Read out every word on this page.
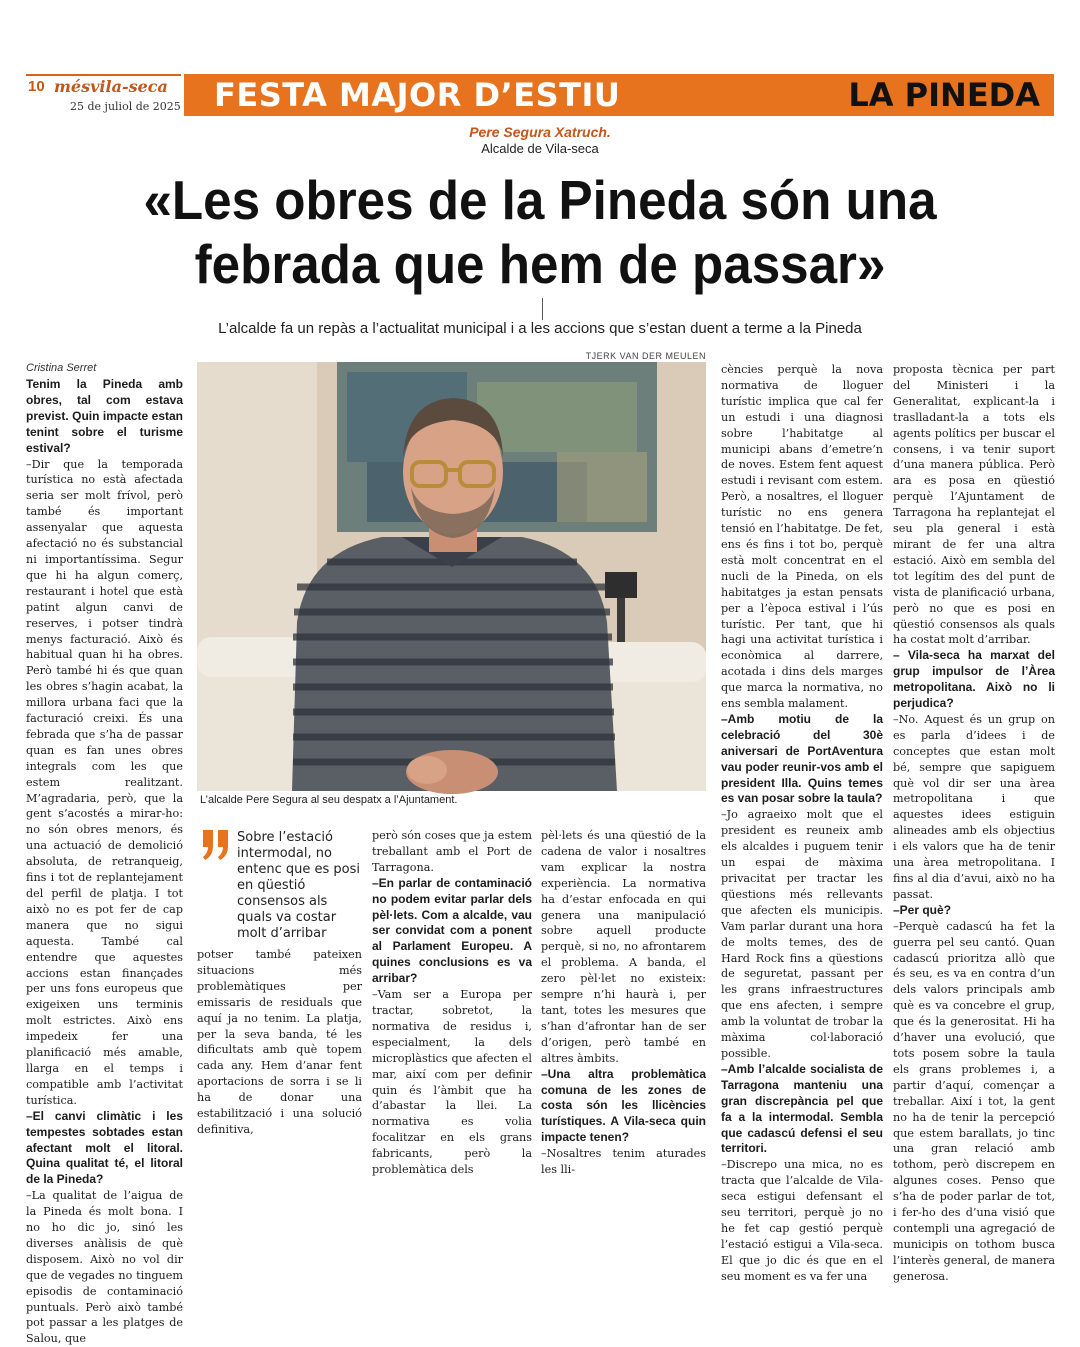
10 mésvila-seca
25 de juliol de 2025 FESTA MAJOR D’ESTIU	LA PINEDA
Pere Segura Xatruch.
Alcalde de Vila-seca
«Les obres de la Pineda són una febrada que hem de passar»
L’alcalde fa un repàs a l’actualitat municipal i a les accions que s’estan duent a terme a la Pineda
Cristina Serret
TJERK VAN DER MEULEN

Tenim la Pineda amb obres, tal com estava previst. Quin impacte estan tenint sobre el turisme estival?

–Dir que la temporada turística no està afectada seria ser molt frívol, però també és important assenyalar que aquesta afectació no és substancial ni importantíssima. Segur que hi ha algun comerç, restaurant i hotel que està patint algun canvi de reserves, i potser tindrà menys facturació. Això és habitual quan hi ha obres. Però també hi és que quan les obres s’hagin acabat, la millora urbana faci que la facturació creixi. És una febrada que s’ha de passar quan es fan unes obres integrals com les que estem realitzant. M’agradaria, però, que la gent s’acostés a mirar-ho: no són obres menors, és una actuació de demolició absoluta, de retranqueig, fins i tot de replantejament del perfil de platja. I tot això no es pot fer de cap manera que no sigui aquesta. També cal entendre que aquestes accions estan finançades per uns fons europeus que exigeixen uns terminis molt estrictes. Això ens impedeix fer una planificació més amable, llarga en el temps i compatible amb l’activitat turística.

–El canvi climàtic i les tempestes sobtades estan afectant molt el litoral. Quina qualitat té, el litoral de la Pineda?

–La qualitat de l’aigua de la Pineda és molt bona. I no ho dic jo, sinó les diverses anàlisis de què disposem. Això no vol dir que de vegades no tinguem episodis de contaminació puntuals. Però això també pot passar a les platges de Salou, que

potser també pateixen situacions més problemàtiques per emissaris de residuals que aquí ja no tenim. La platja, per la seva banda, té les dificultats amb què topem cada any. Hem d’anar fent aportacions de sorra i se li ha de donar una estabilització i una solució definitiva,

però són coses que ja estem treballant amb el Port de Tarragona.

–En parlar de contaminació no podem evitar parlar dels pèl·lets. Com a alcalde, vau ser convidat com a ponent al Parlament Europeu. A quines conclusions es va arribar?

–Vam ser a Europa per tractar, sobretot, la normativa de residus i, especialment, la dels microplàstics que afecten el mar, així com per definir quin és l’àmbit que ha d’abastar la llei. La normativa es volia focalitzar en els grans fabricants, però la problemàtica dels

pèl·lets és una qüestió de la cadena de valor i nosaltres vam explicar la nostra experiència. La normativa ha d’estar enfocada en qui genera una manipulació sobre aquell producte perquè, si no, no afrontarem el problema. A banda, el zero pèl·let no existeix: sempre n’hi haurà i, per tant, totes les mesures que s’han d’afrontar han de ser d’origen, però també en altres àmbits.

–Una altra problemàtica comuna de les zones de costa són les llicències turístiques. A Vila-seca quin impacte tenen?

–Nosaltres tenim aturades les lli-

cències perquè la nova normativa de lloguer turístic implica que cal fer un estudi i una diagnosi sobre l’habitatge al municipi abans d’emetre’n de noves. Estem fent aquest estudi i revisant com estem. Però, a nosaltres, el lloguer turístic no ens genera tensió en l’habitatge. De fet, ens és fins i tot bo, perquè està molt concentrat en el nucli de la Pineda, on els habitatges ja estan pensats per a l’època estival i l’ús turístic. Per tant, que hi hagi una activitat turística i econòmica al darrere, acotada i dins dels marges que marca la normativa, no ens sembla malament.

–Amb motiu de la celebració del 30è aniversari de PortAventura vau poder reunir-vos amb el president Illa. Quins temes es van posar sobre la taula?

–Jo agraeixo molt que el president es reuneix amb els alcaldes i puguem tenir un espai de màxima privacitat per tractar les qüestions més rellevants que afecten els municipis. Vam parlar durant una hora de molts temes, des de Hard Rock fins a qüestions de seguretat, passant per les grans infraestructures que ens afecten, i sempre amb la voluntat de trobar la màxima col·laboració possible.

–Amb l’alcalde socialista de Tarragona manteniu una gran discrepància pel que fa a la intermodal. Sembla que cadascú defensi el seu territori.

–Discrepo una mica, no es tracta que l’alcalde de Vila-seca estigui defensant el seu territori, perquè jo no he fet cap gestió perquè l’estació estigui a Vila-seca. El que jo dic és que en el seu moment es va fer una

proposta tècnica per part del Ministeri i la Generalitat, explicant-la i traslladant-la a tots els agents polítics per buscar el consens, i va tenir suport d’una manera pública. Però ara es posa en qüestió perquè l’Ajuntament de Tarragona ha replantejat el seu pla general i està mirant de fer una altra estació. Això em sembla del tot legítim des del punt de vista de planificació urbana, però no que es posi en qüestió consensos als quals ha costat molt d’arribar.

– Vila-seca ha marxat del grup impulsor de l’Àrea metropolitana. Això no li perjudica?

–No. Aquest és un grup on es parla d’idees i de conceptes que estan molt bé, sempre que sapiguem què vol dir ser una àrea metropolitana i que aquestes idees estiguin alineades amb els objectius i els valors que ha de tenir una àrea metropolitana. I fins al dia d’avui, això no ha passat.

–Per què?

–Perquè cadascú ha fet la guerra pel seu cantó. Quan cadascú prioritza allò que és seu, es va en contra d’un dels valors principals amb què es va concebre el grup, que és la generositat. Hi ha d’haver una evolució, que tots posem sobre la taula els grans problemes i, a partir d’aquí, començar a treballar. Així i tot, la gent no ha de tenir la percepció que estem barallats, jo tinc una gran relació amb tothom, però discrepem en algunes coses. Penso que s’ha de poder parlar de tot, i fer-ho des d’una visió que contempli una agregació de municipis on tothom busca l’interès general, de manera generosa.

L’alcalde Pere Segura al seu despatx a l’Ajuntament.
Sobre l’estació intermodal, no entenc que es posi en qüestió consensos als quals va costar molt d’arribar
